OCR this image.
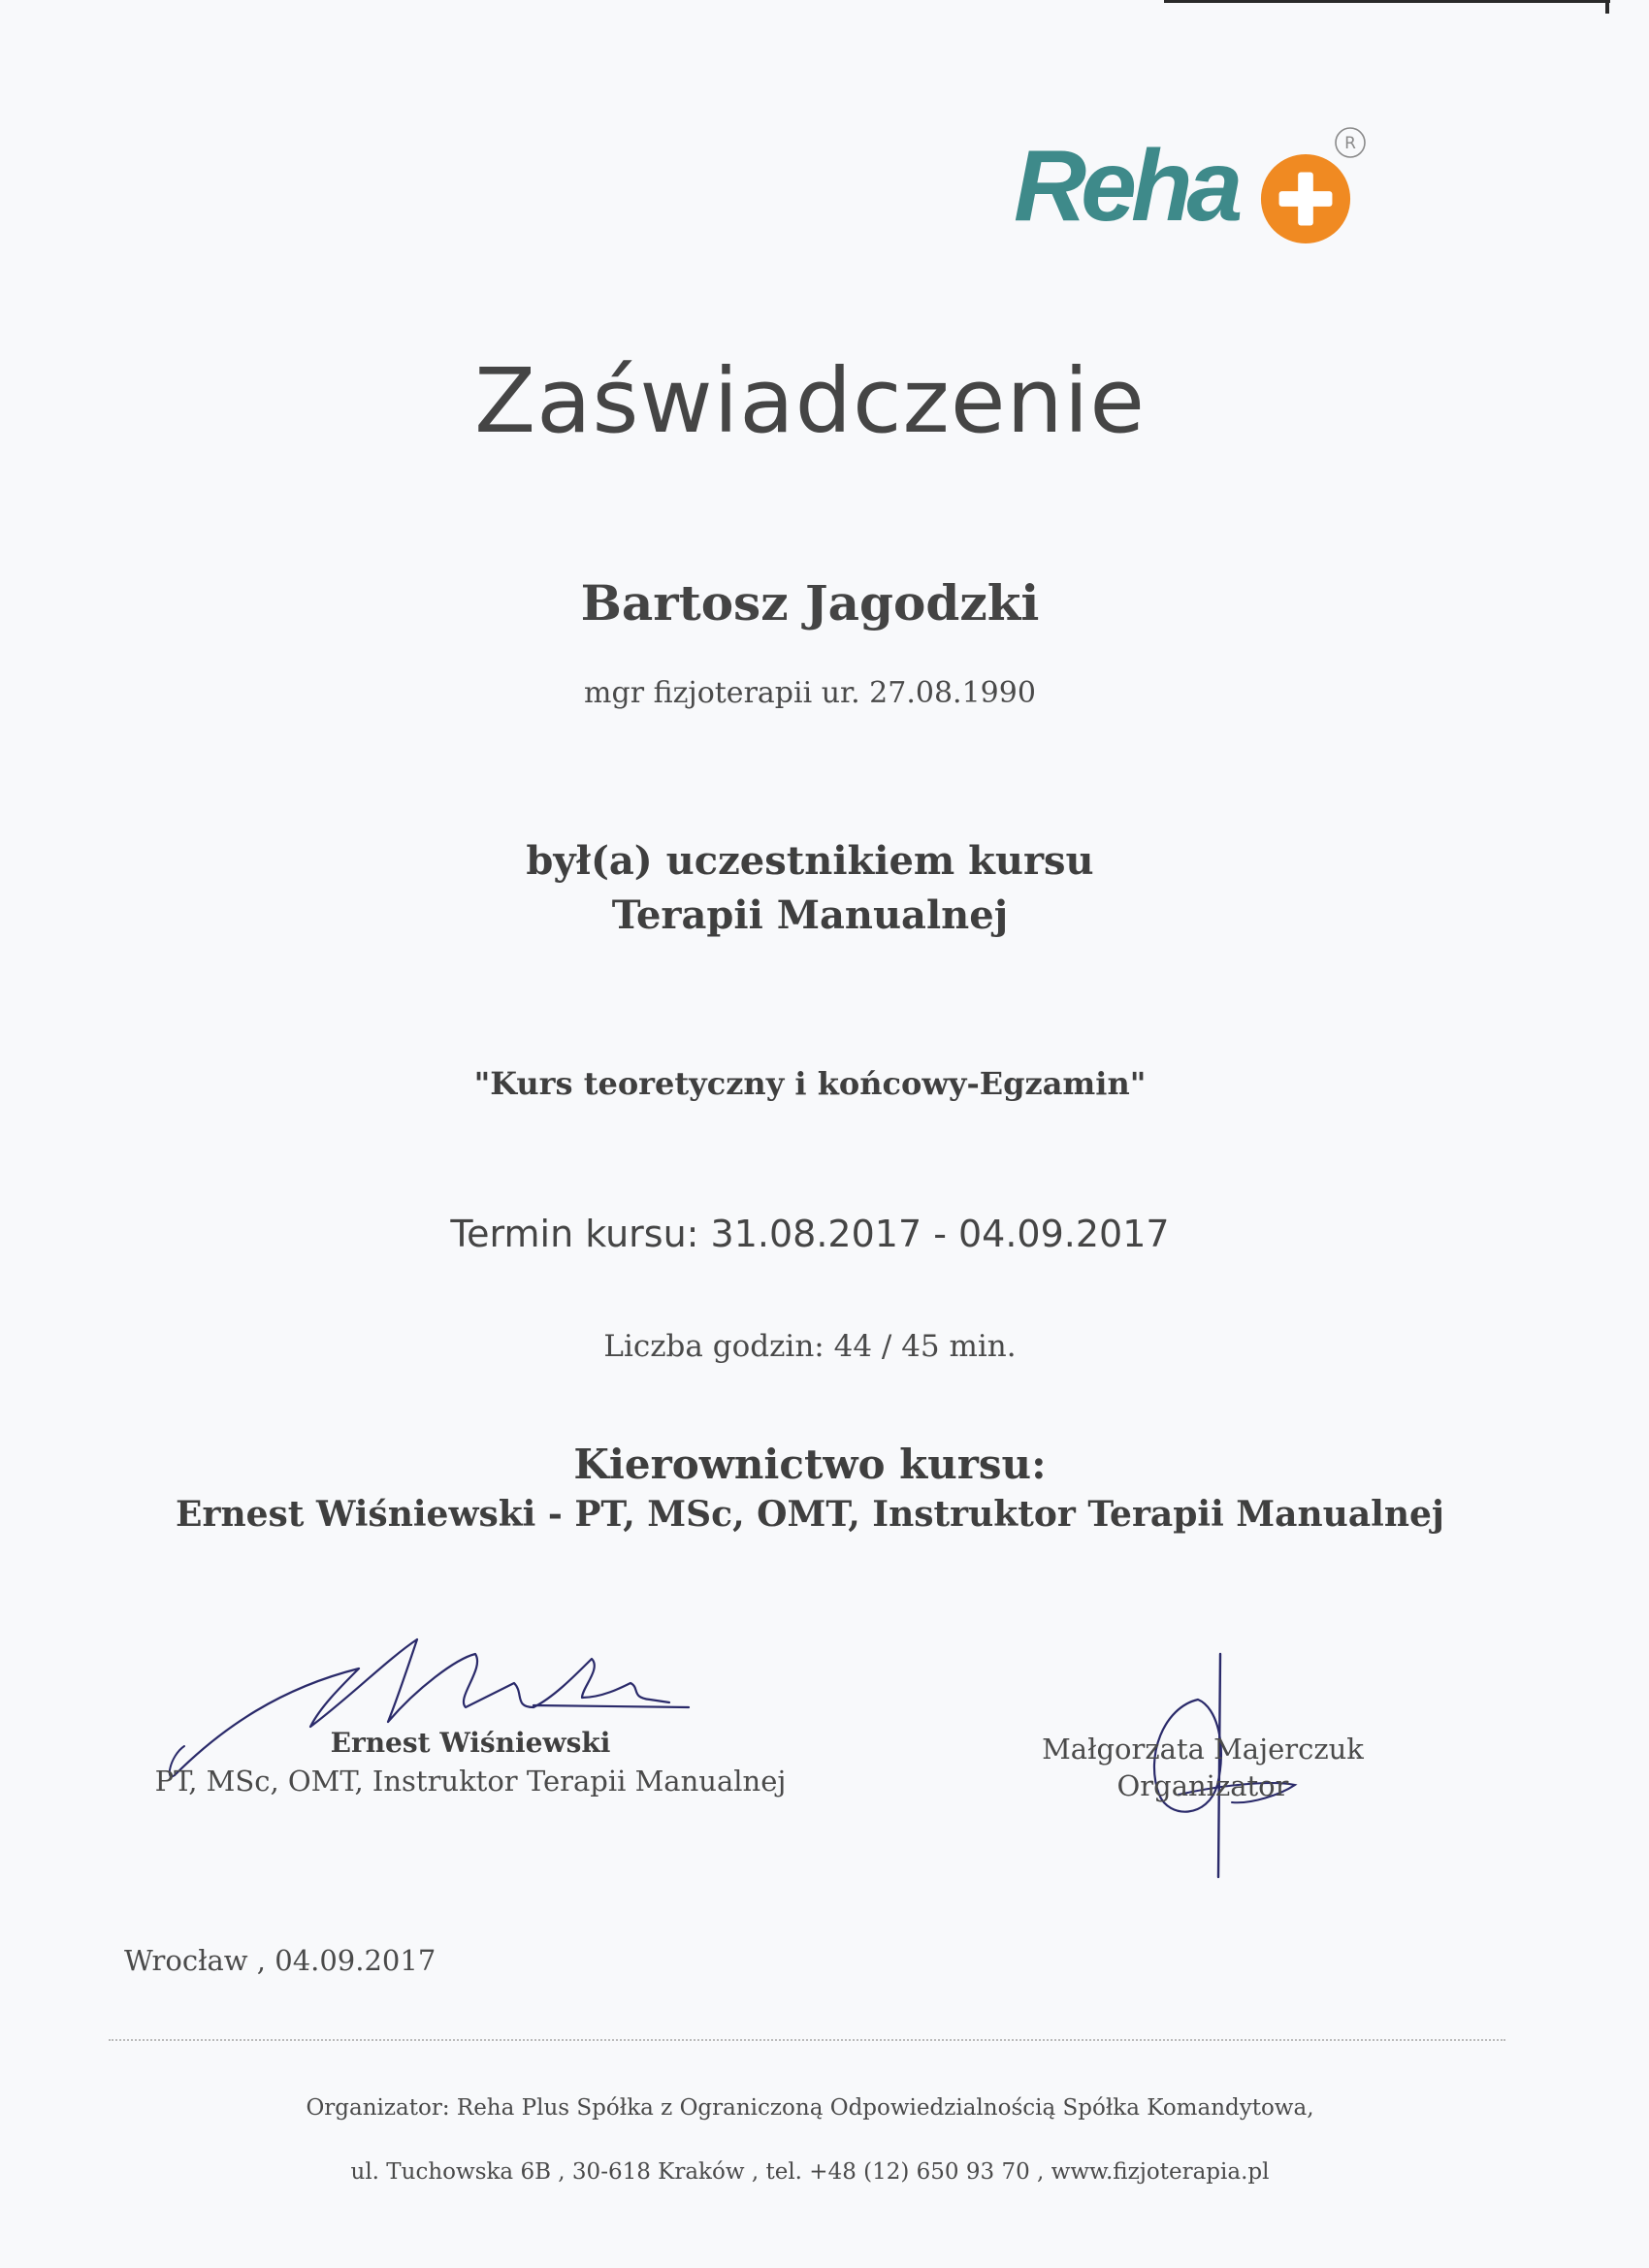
Reha	R
Zaświadczenie
Bartosz Jagodzki
mgr fizjoterapii ur. 27.08.1990
był(a) uczestnikiem kursu
Terapii Manualnej
"Kurs teoretyczny i końcowy-Egzamin"
Termin kursu: 31.08.2017 - 04.09.2017
Liczba godzin: 44 / 45 min.
Kierownictwo kursu:
Ernest Wiśniewski - PT, MSc, OMT, Instruktor Terapii Manualnej
Ernest Wiśniewski
PT, MSc, OMT, Instruktor Terapii Manualnej
Małgorzata Majerczuk
Organizator
Wrocław , 04.09.2017
Organizator: Reha Plus Spółka z Ograniczoną Odpowiedzialnością Spółka Komandytowa,
ul. Tuchowska 6B , 30-618 Kraków , tel. +48 (12) 650 93 70 , www.fizjoterapia.pl
